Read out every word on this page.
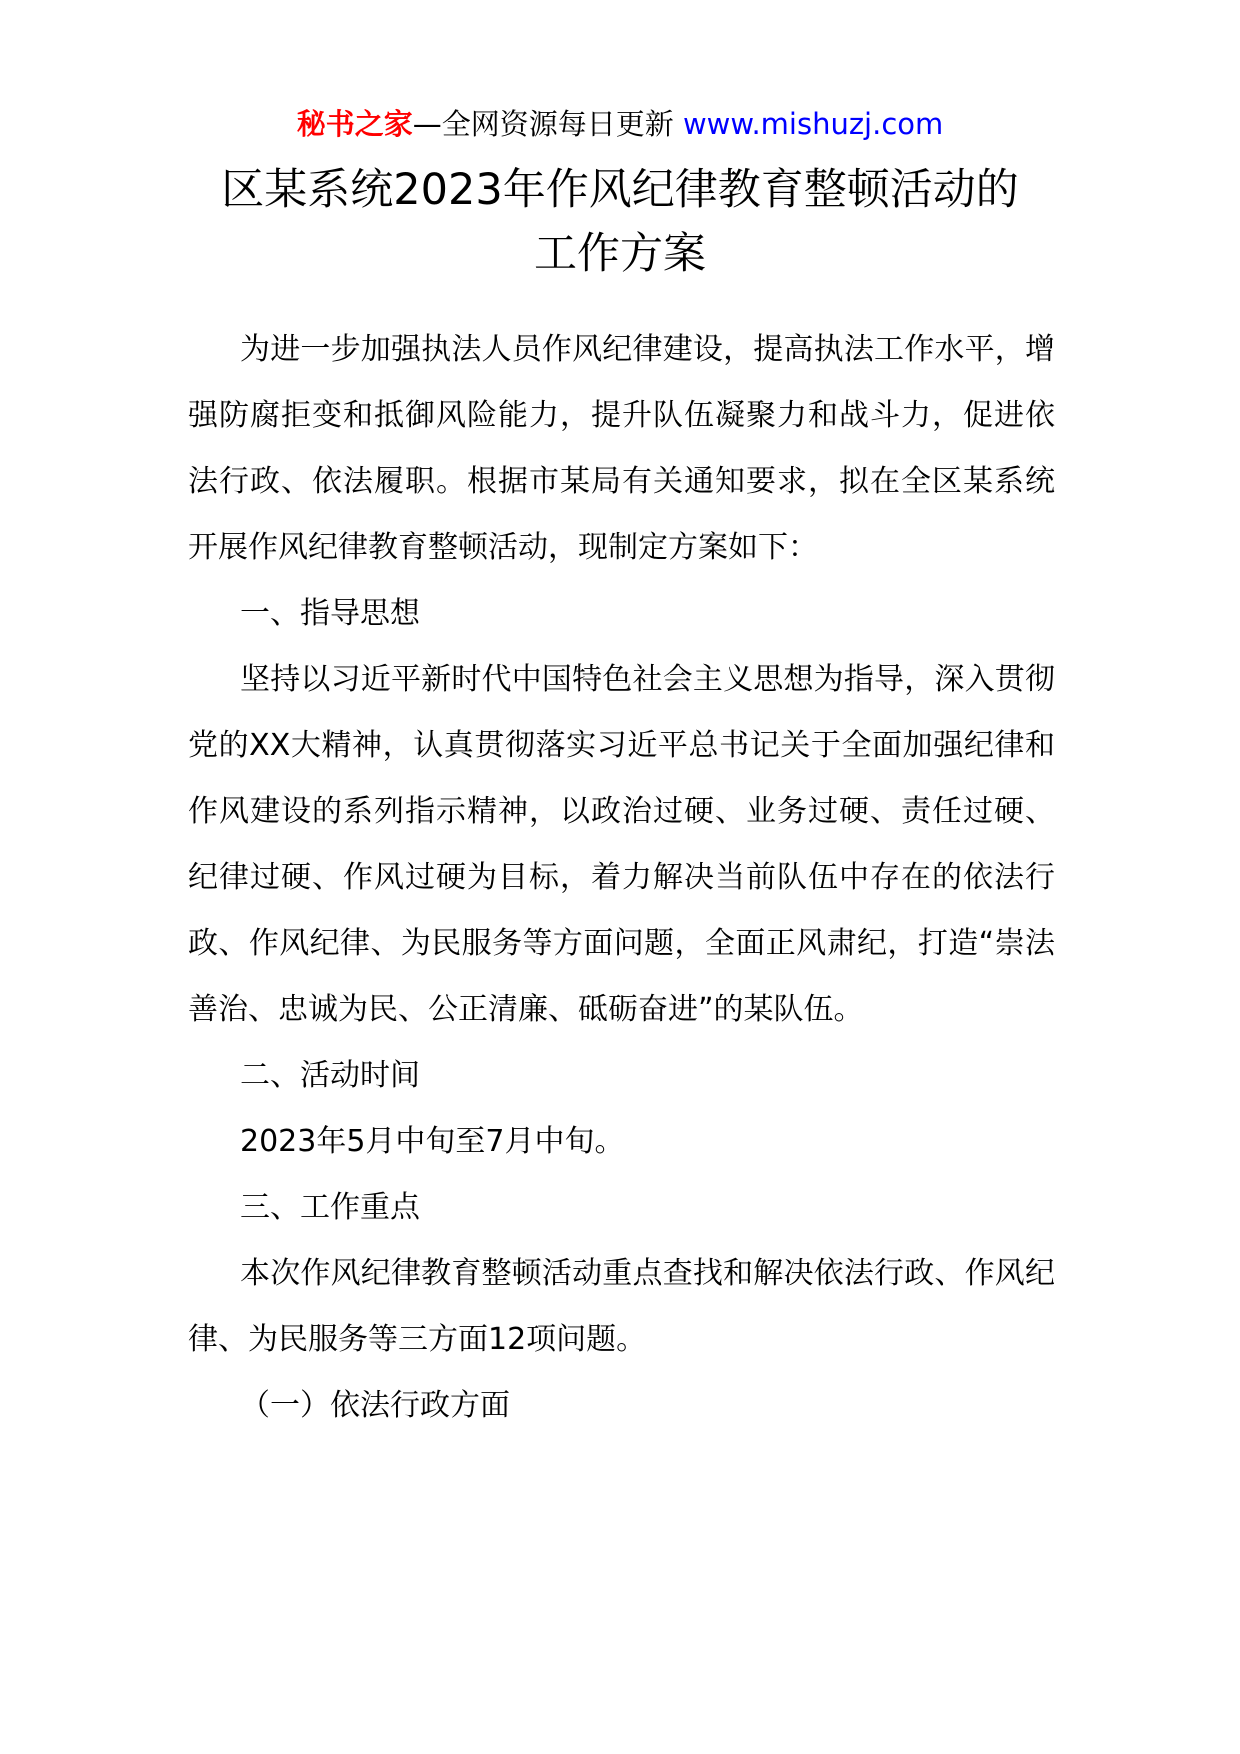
秘书之家—全网资源每日更新 www.mishuzj.com
区某系统2023年作风纪律教育整顿活动的
工作方案

为进一步加强执法人员作风纪律建设，提高执法工作水平，增强防腐拒变和抵御风险能力，提升队伍凝聚力和战斗力，促进依法行政、依法履职。根据市某局有关通知要求，拟在全区某系统开展作风纪律教育整顿活动，现制定方案如下：

一、指导思想

坚持以习近平新时代中国特色社会主义思想为指导，深入贯彻党的XX大精神，认真贯彻落实习近平总书记关于全面加强纪律和作风建设的系列指示精神，以政治过硬、业务过硬、责任过硬、纪律过硬、作风过硬为目标，着力解决当前队伍中存在的依法行政、作风纪律、为民服务等方面问题，全面正风肃纪，打造“崇法善治、忠诚为民、公正清廉、砥砺奋进”的某队伍。

二、活动时间

2023年5月中旬至7月中旬。

三、工作重点

本次作风纪律教育整顿活动重点查找和解决依法行政、作风纪律、为民服务等三方面12项问题。

（一）依法行政方面
